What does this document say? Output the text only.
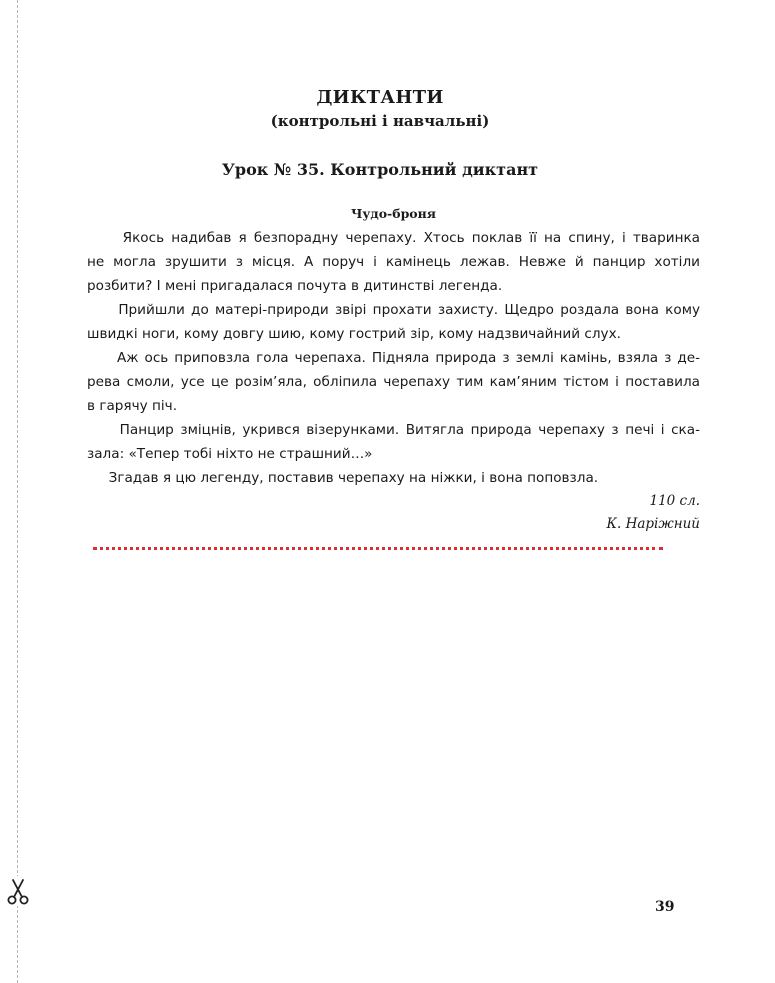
ДИКТАНТИ
(контрольні і навчальні)
Урок № 35. Контрольний диктант

Чудо-броня

Якось надибав я безпорадну черепаху. Хтось поклав її на спину, і тваринка
не могла зрушити з місця. А поруч і камінець лежав. Невже й панцир хотіли
розбити? І мені пригадалася почута в дитинстві легенда.
Прийшли до матері-природи звірі прохати захисту. Щедро роздала вона кому
швидкі ноги, кому довгу шию, кому гострий зір, кому надзвичайний слух.
Аж ось приповзла гола черепаха. Підняла природа з землі камінь, взяла з де-
рева смоли, усе це розім’яла, обліпила черепаху тим кам’яним тістом і поставила
в гарячу піч.
Панцир зміцнів, укрився візерунками. Витягла природа черепаху з печі і ска-
зала: «Тепер тобі ніхто не страшний…»
Згадав я цю легенду, поставив черепаху на ніжки, і вона поповзла.

110 сл.

К. Наріжний

39
